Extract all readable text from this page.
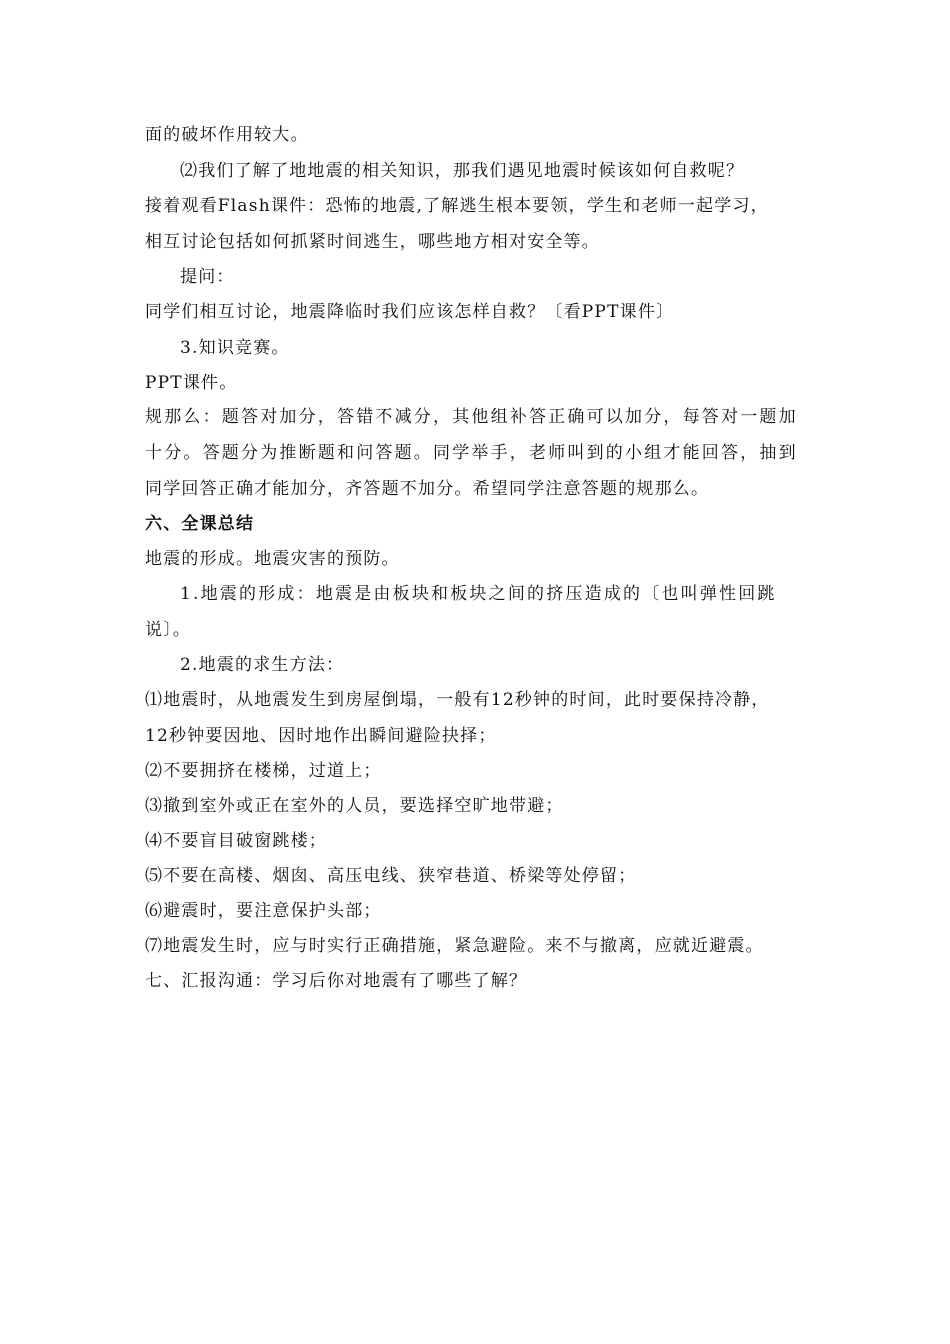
面的破坏作用较大。
⑵我们了解了地地震的相关知识，那我们遇见地震时候该如何自救呢？
接着观看Flash课件：恐怖的地震,了解逃生根本要领，学生和老师一起学习，
相互讨论包括如何抓紧时间逃生，哪些地方相对安全等。
提问：
同学们相互讨论，地震降临时我们应该怎样自救？〔看PPT课件〕
3.知识竞赛。
PPT课件。
规那么：题答对加分，答错不减分，其他组补答正确可以加分，每答对一题加
十分。答题分为推断题和问答题。同学举手，老师叫到的小组才能回答，抽到
同学回答正确才能加分，齐答题不加分。希望同学注意答题的规那么。
六、全课总结
地震的形成。地震灾害的预防。
1.地震的形成：地震是由板块和板块之间的挤压造成的〔也叫弹性回跳
说〕。
2.地震的求生方法：
⑴地震时，从地震发生到房屋倒塌，一般有12秒钟的时间，此时要保持冷静，
12秒钟要因地、因时地作出瞬间避险抉择；
⑵不要拥挤在楼梯，过道上；
⑶撤到室外或正在室外的人员，要选择空旷地带避；
⑷不要盲目破窗跳楼；
⑸不要在高楼、烟囱、高压电线、狭窄巷道、桥梁等处停留；
⑹避震时，要注意保护头部；
⑺地震发生时，应与时实行正确措施，紧急避险。来不与撤离，应就近避震。
七、汇报沟通：学习后你对地震有了哪些了解？
